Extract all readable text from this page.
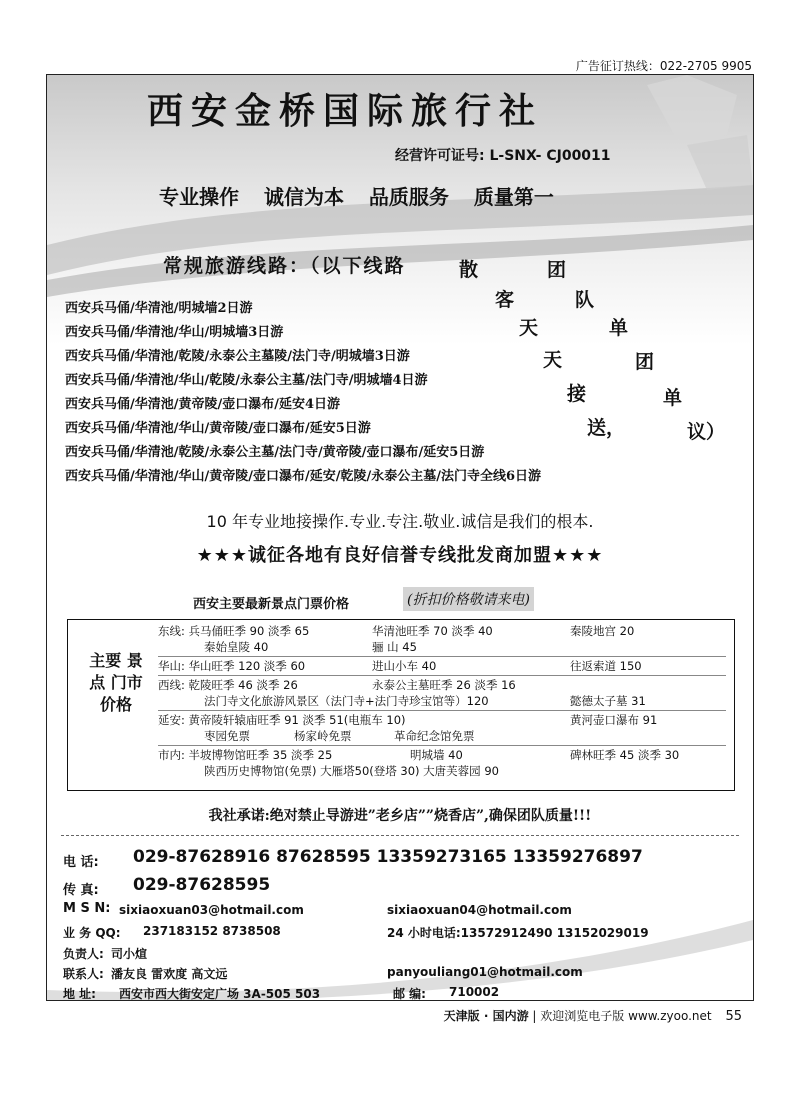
广告征订热线：022-2705 9905
西安金桥国际旅行社
经营许可证号: L-SNX- CJ00011
专业操作 诚信为本 品质服务 质量第一
常规旅游线路：（以下线路	散
客
天
天
接
送，
团
队
单
团
单
议）
西安兵马俑/华清池/明城墙2日游
西安兵马俑/华清池/华山/明城墙3日游
西安兵马俑/华清池/乾陵/永泰公主墓陵/法门寺/明城墙3日游
西安兵马俑/华清池/华山/乾陵/永泰公主墓/法门寺/明城墙4日游
西安兵马俑/华清池/黄帝陵/壶口瀑布/延安4日游
西安兵马俑/华清池/华山/黄帝陵/壶口瀑布/延安5日游
西安兵马俑/华清池/乾陵/永泰公主墓/法门寺/黄帝陵/壶口瀑布/延安5日游
西安兵马俑/华清池/华山/黄帝陵/壶口瀑布/延安/乾陵/永泰公主墓/法门寺全线6日游
10 年专业地接操作.专业.专注.敬业.诚信是我们的根本.
★★★诚征各地有良好信誉专线批发商加盟★★★
西安主要最新景点门票价格	(折扣价格敬请来电)
主要 景点 门市 价格
东线: 兵马俑旺季 90 淡季 65	华清池旺季 70 淡季 40	秦陵地宫 20
秦始皇陵 40	骊 山 45
华山: 华山旺季 120 淡季 60	进山小车 40	往返索道 150
西线: 乾陵旺季 46 淡季 26	永泰公主墓旺季 26 淡季 16
法门寺文化旅游风景区（法门寺+法门寺珍宝馆等）120	懿德太子墓 31
延安: 黄帝陵轩辕庙旺季 91 淡季 51(电瓶车 10)	黄河壶口瀑布 91
枣园免票	杨家岭免票	革命纪念馆免票
市内: 半坡博物馆旺季 35 淡季 25	明城墙 40	碑林旺季 45 淡季 30
陕西历史博物馆(免票) 大雁塔50(登塔 30) 大唐芙蓉园 90
我社承诺:绝对禁止导游进”老乡店””烧香店”,确保团队质量!!!
电 话: 029-87628916 87628595 13359273165 13359276897
传 真: 029-87628595
M S N: sixiaoxuan03@hotmail.com	sixiaoxuan04@hotmail.com
业 务 QQ: 237183152 8738508	24 小时电话:13572912490 13152029019
负责人: 司小煊
联系人: 潘友良 雷欢度 高文远	panyouliang01@hotmail.com
地 址: 西安市西大街安定广场 3A-505 503	邮 编: 710002
天津版 · 国内游 | 欢迎浏览电子版 www.zyoo.net 55
